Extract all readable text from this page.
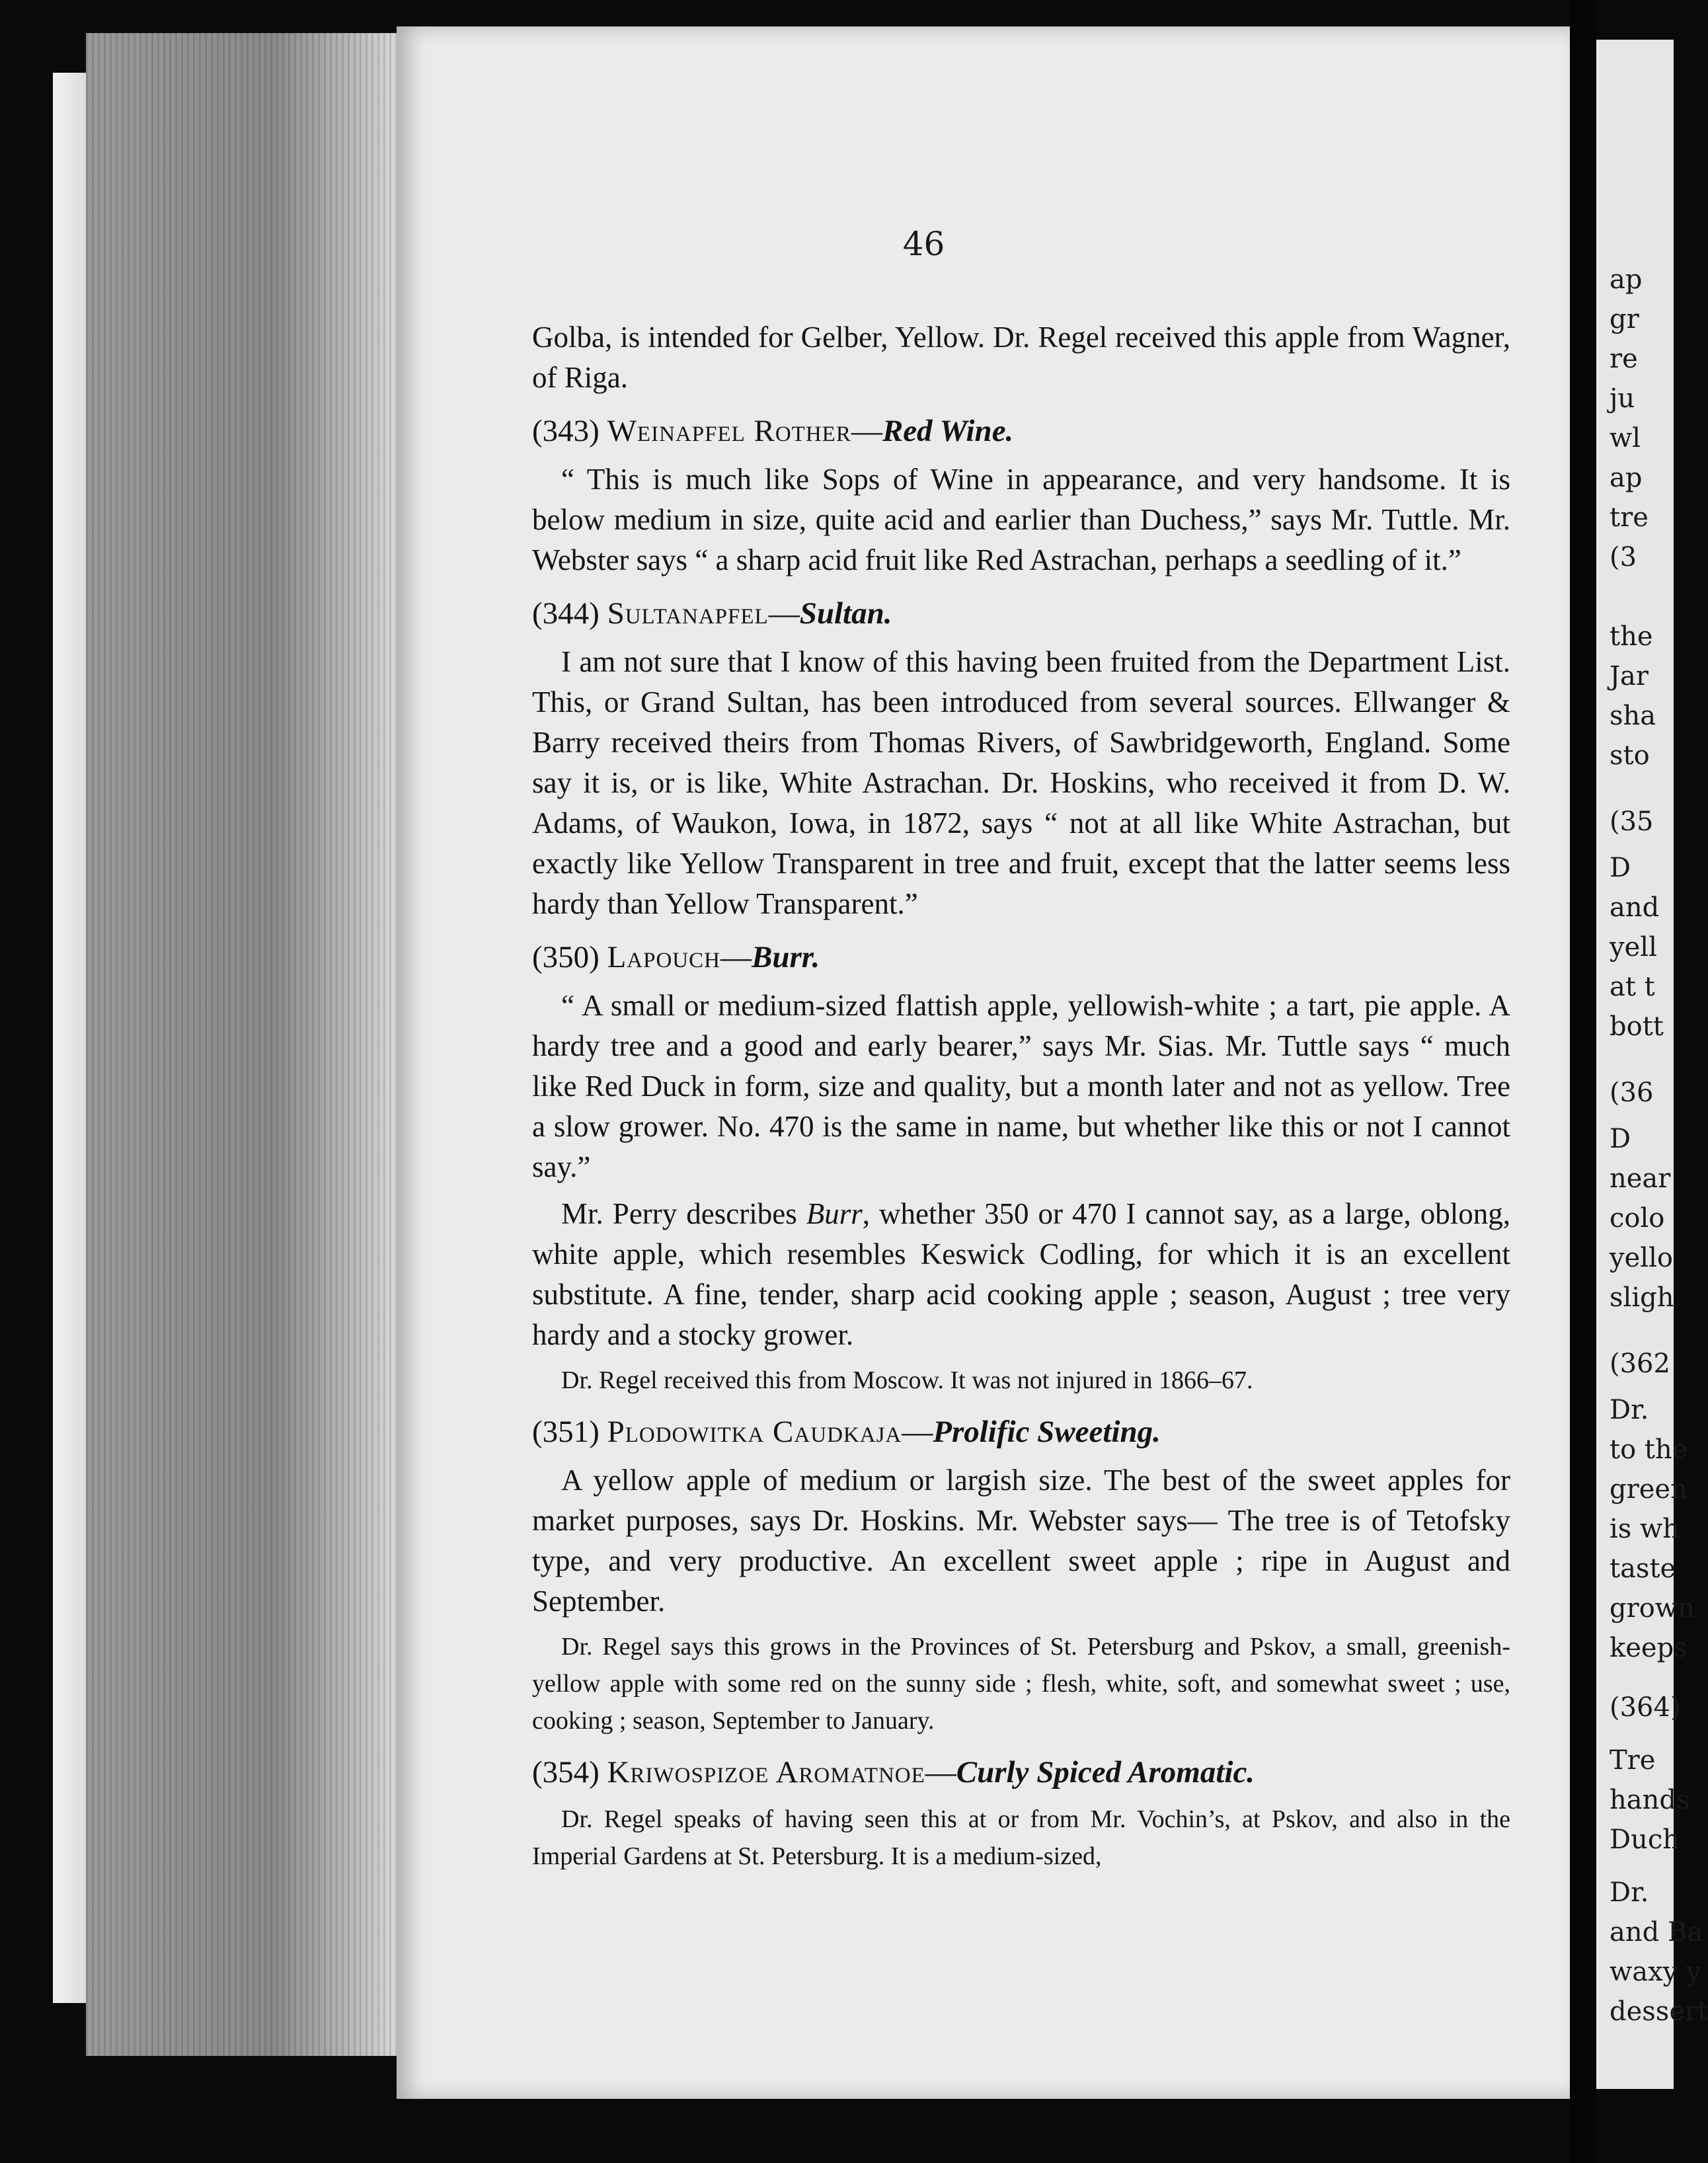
46

Golba, is intended for Gelber, Yellow. Dr. Regel received this apple from Wagner, of Riga.

(343) Weinapfel Rother—Red Wine.

“ This is much like Sops of Wine in appearance, and very handsome. It is below medium in size, quite acid and earlier than Duchess,” says Mr. Tuttle. Mr. Webster says “ a sharp acid fruit like Red Astrachan, perhaps a seedling of it.”

(344) Sultanapfel—Sultan.

I am not sure that I know of this having been fruited from the Department List. This, or Grand Sultan, has been introduced from several sources. Ellwanger & Barry received theirs from Thomas Rivers, of Sawbridgeworth, England. Some say it is, or is like, White Astrachan. Dr. Hoskins, who received it from D. W. Adams, of Waukon, Iowa, in 1872, says “ not at all like White Astrachan, but exactly like Yellow Transparent in tree and fruit, except that the latter seems less hardy than Yellow Transparent.”

(350) Lapouch—Burr.

“ A small or medium-sized flattish apple, yellowish-white ; a tart, pie apple. A hardy tree and a good and early bearer,” says Mr. Sias. Mr. Tuttle says “ much like Red Duck in form, size and quality, but a month later and not as yellow. Tree a slow grower. No. 470 is the same in name, but whether like this or not I cannot say.”

Mr. Perry describes Burr, whether 350 or 470 I cannot say, as a large, oblong, white apple, which resembles Keswick Codling, for which it is an excellent substitute. A fine, tender, sharp acid cooking apple ; season, August ; tree very hardy and a stocky grower.

Dr. Regel received this from Moscow. It was not injured in 1866–67.

(351) Plodowitka Caudkaja—Prolific Sweeting.

A yellow apple of medium or largish size. The best of the sweet apples for market purposes, says Dr. Hoskins. Mr. Webster says— The tree is of Tetofsky type, and very productive. An excellent sweet apple ; ripe in August and September.

Dr. Regel says this grows in the Provinces of St. Petersburg and Pskov, a small, greenish-yellow apple with some red on the sunny side ; flesh, white, soft, and somewhat sweet ; use, cooking ; season, September to January.

(354) Kriwospizoe Aromatnoe—Curly Spiced Aromatic.

Dr. Regel speaks of having seen this at or from Mr. Vochin’s, at Pskov, and also in the Imperial Gardens at St. Petersburg. It is a medium-sized,

ap
gr
re
ju
wl
ap
tre
(3
the
Jar
sha
sto
(35
D
and
yell
at t
bott
(36
D
near
colo
yello
sligh
(362
Dr.
to the
green
is wh
taste
grown
keeps
(364)
Tre
hands
Duch
Dr.
and Ba
waxy y
dessert
